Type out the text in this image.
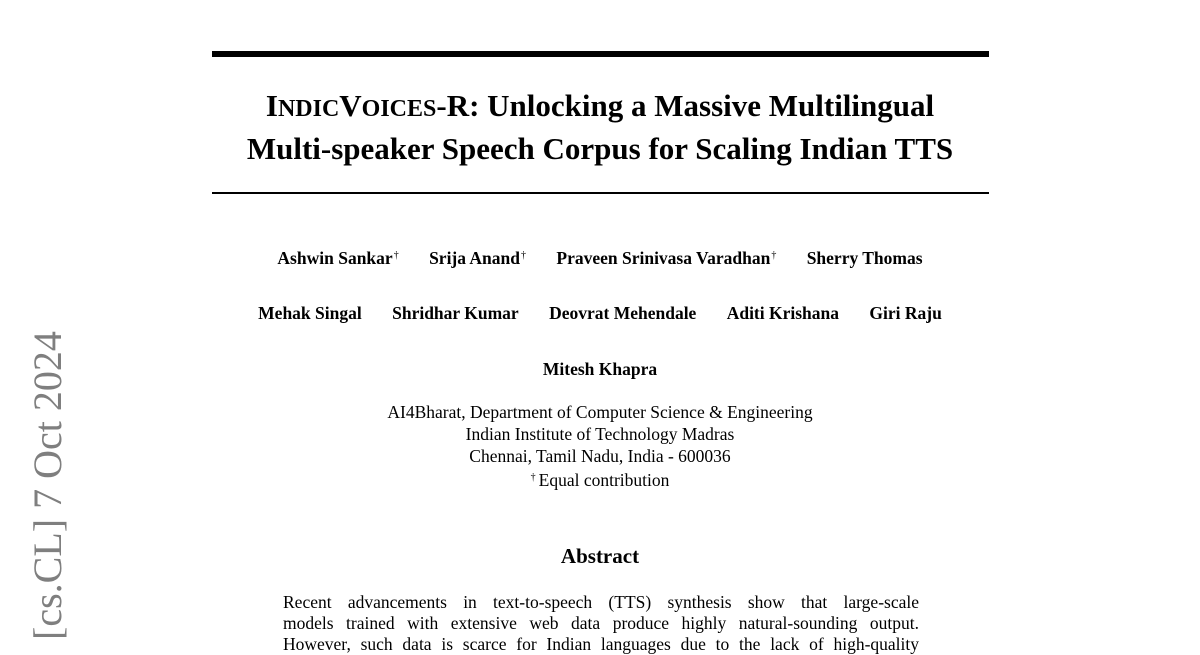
[cs.CL] 7 Oct 2024
INDICVOICES-R: Unlocking a Massive Multilingual
Multi-speaker Speech Corpus for Scaling Indian TTS
Ashwin Sankar† Srija Anand† Praveen Srinivasa Varadhan† Sherry Thomas
Mehak Singal Shridhar Kumar Deovrat Mehendale Aditi Krishana Giri Raju
Mitesh Khapra
AI4Bharat, Department of Computer Science & Engineering
Indian Institute of Technology Madras
Chennai, Tamil Nadu, India - 600036
† Equal contribution
Abstract
Recent advancements in text-to-speech (TTS) synthesis show that large-scale
models trained with extensive web data produce highly natural-sounding output.
However, such data is scarce for Indian languages due to the lack of high-quality
